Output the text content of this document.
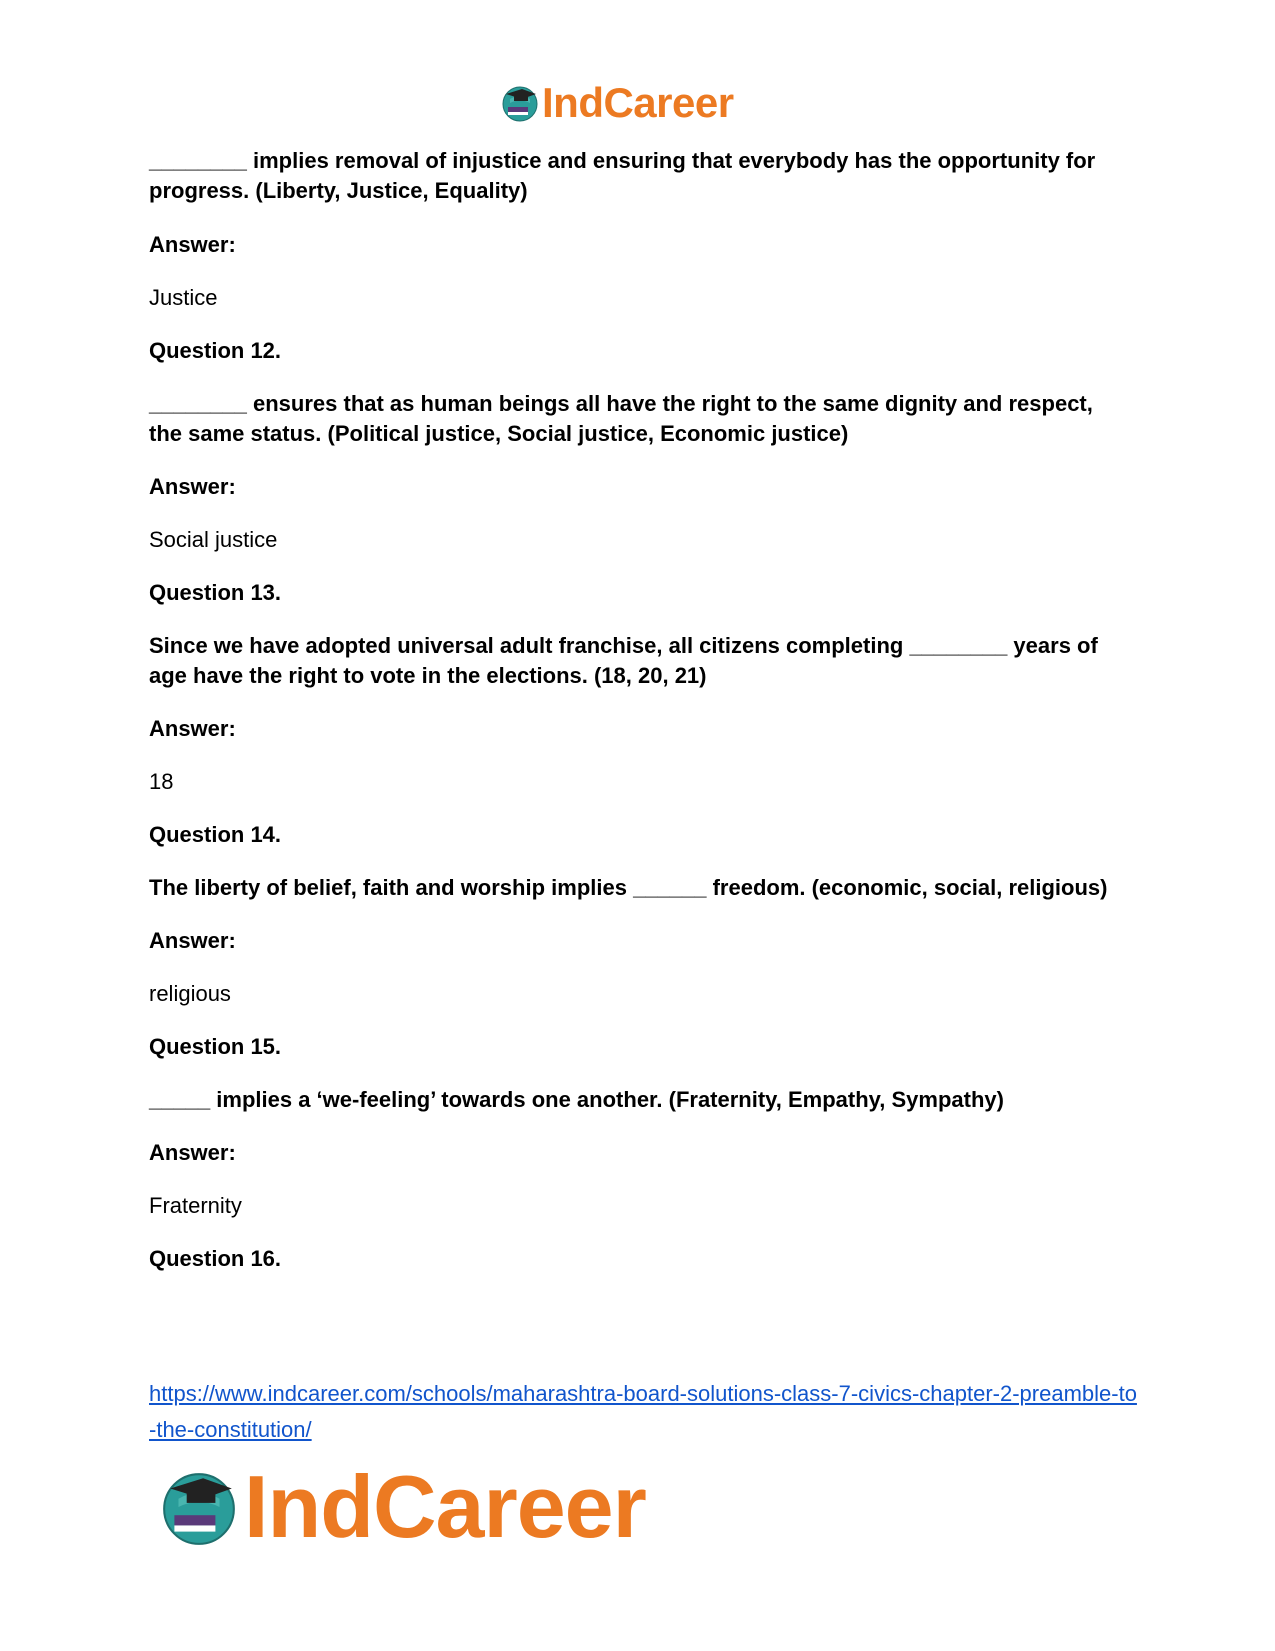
IndCareer

________ implies removal of injustice and ensuring that everybody has the opportunity for progress. (Liberty, Justice, Equality)

Answer:

Justice

Question 12.

________ ensures that as human beings all have the right to the same dignity and respect, the same status. (Political justice, Social justice, Economic justice)

Answer:

Social justice

Question 13.

Since we have adopted universal adult franchise, all citizens completing ________ years of age have the right to vote in the elections. (18, 20, 21)

Answer:

18

Question 14.

The liberty of belief, faith and worship implies ______ freedom. (economic, social, religious)

Answer:

religious

Question 15.

_____ implies a ‘we-feeling’ towards one another. (Fraternity, Empathy, Sympathy)

Answer:

Fraternity

Question 16.

https://www.indcareer.com/schools/maharashtra-board-solutions-class-7-civics-chapter-2-preamble-to-the-constitution/
IndCareer
